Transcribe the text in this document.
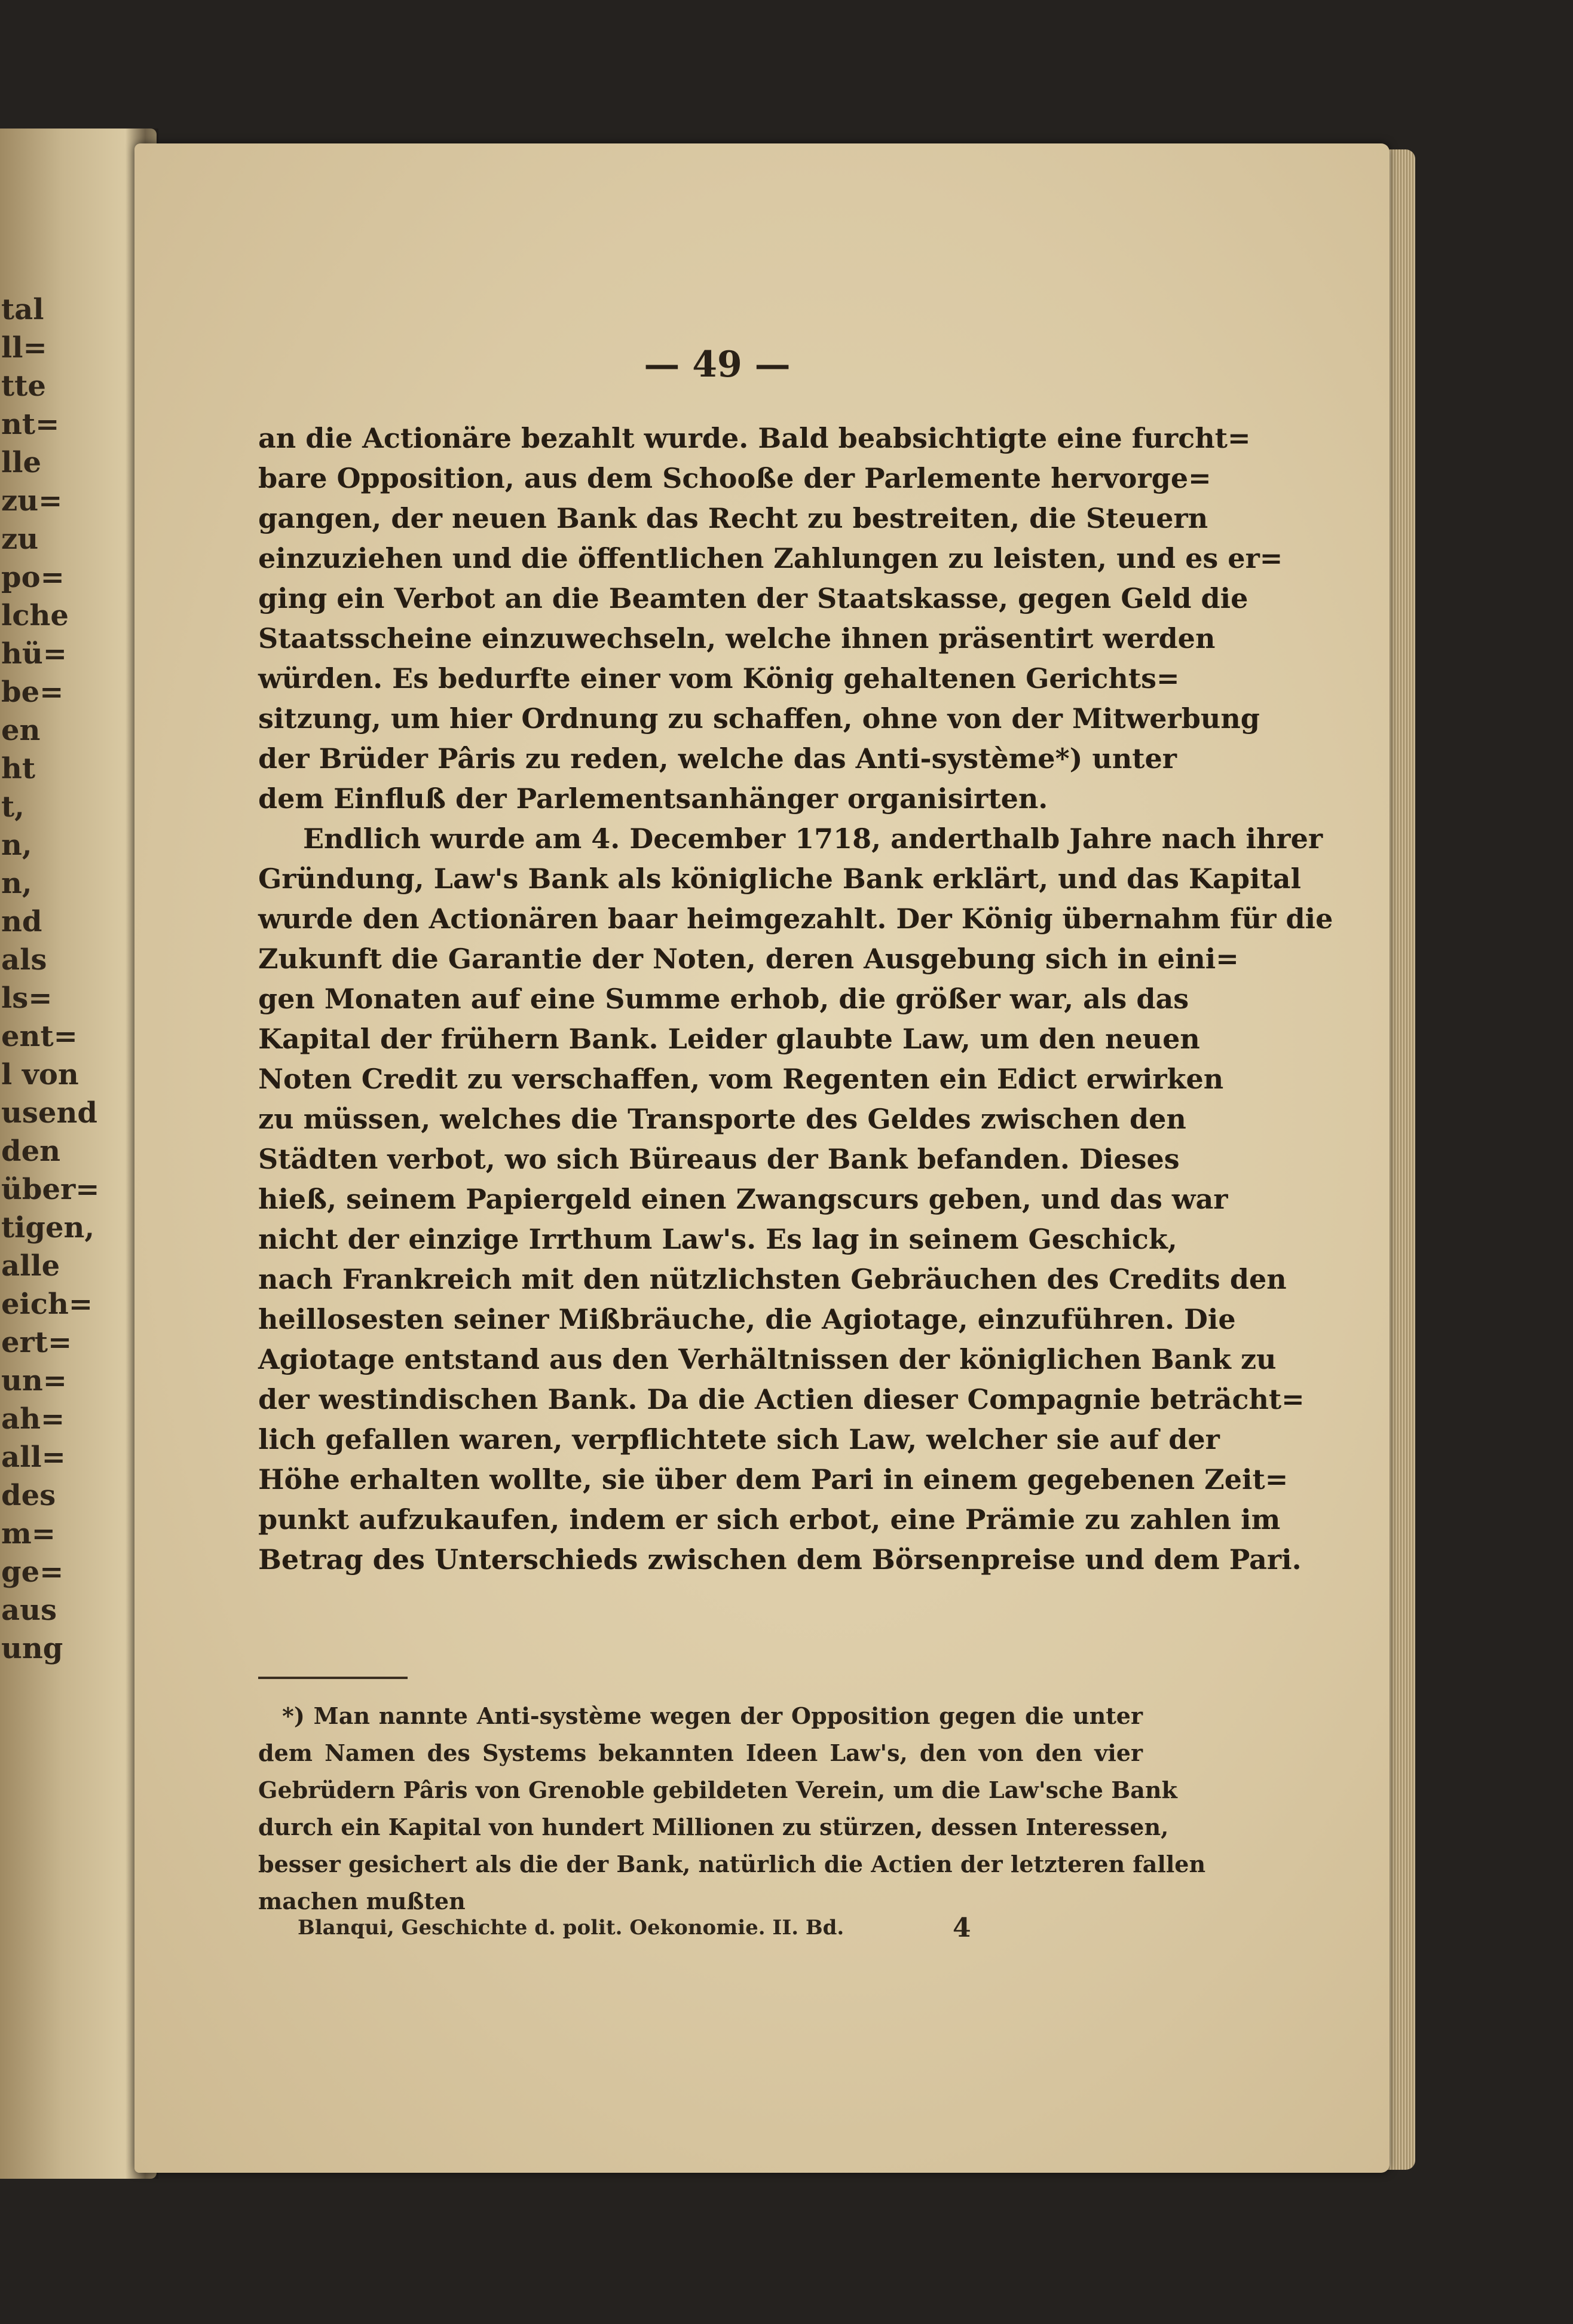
tal

ll=

tte

nt=

lle

zu=

zu

po=

lche

hü=

be=

en

ht

t,

n,

n,

nd

als

ls=

ent=

l von

usend

den

über=

tigen,

alle

eich=

ert=

un=

ah=

all=

des

m=

ge=

aus

ung

— 49 —

an die Actionäre bezahlt wurde. Bald beabsichtigte eine furcht=
bare Opposition, aus dem Schooße der Parlemente hervorge=
gangen, der neuen Bank das Recht zu bestreiten, die Steuern
einzuziehen und die öffentlichen Zahlungen zu leisten, und es er=
ging ein Verbot an die Beamten der Staatskasse, gegen Geld die
Staatsscheine einzuwechseln, welche ihnen präsentirt werden
würden. Es bedurfte einer vom König gehaltenen Gerichts=
sitzung, um hier Ordnung zu schaffen, ohne von der Mitwerbung
der Brüder Pâris zu reden, welche das Anti-système*) unter
dem Einfluß der Parlementsanhänger organisirten.
Endlich wurde am 4. December 1718, anderthalb Jahre nach ihrer
Gründung, Law's Bank als königliche Bank erklärt, und das Kapital
wurde den Actionären baar heimgezahlt. Der König übernahm für die
Zukunft die Garantie der Noten, deren Ausgebung sich in eini=
gen Monaten auf eine Summe erhob, die größer war, als das
Kapital der frühern Bank. Leider glaubte Law, um den neuen
Noten Credit zu verschaffen, vom Regenten ein Edict erwirken
zu müssen, welches die Transporte des Geldes zwischen den
Städten verbot, wo sich Büreaus der Bank befanden. Dieses
hieß, seinem Papiergeld einen Zwangscurs geben, und das war
nicht der einzige Irrthum Law's. Es lag in seinem Geschick,
nach Frankreich mit den nützlichsten Gebräuchen des Credits den
heillosesten seiner Mißbräuche, die Agiotage, einzuführen. Die
Agiotage entstand aus den Verhältnissen der königlichen Bank zu
der westindischen Bank. Da die Actien dieser Compagnie beträcht=
lich gefallen waren, verpflichtete sich Law, welcher sie auf der
Höhe erhalten wollte, sie über dem Pari in einem gegebenen Zeit=
punkt aufzukaufen, indem er sich erbot, eine Prämie zu zahlen im
Betrag des Unterschieds zwischen dem Börsenpreise und dem Pari.
*) Man nannte Anti-système wegen der Opposition gegen die unter
dem Namen des Systems bekannten Ideen Law's, den von den vier
Gebrüdern Pâris von Grenoble gebildeten Verein, um die Law'sche Bank
durch ein Kapital von hundert Millionen zu stürzen, dessen Interessen,
besser gesichert als die der Bank, natürlich die Actien der letzteren fallen
machen mußten

Blanqui, Geschichte d. polit. Oekonomie. II. Bd.	4
